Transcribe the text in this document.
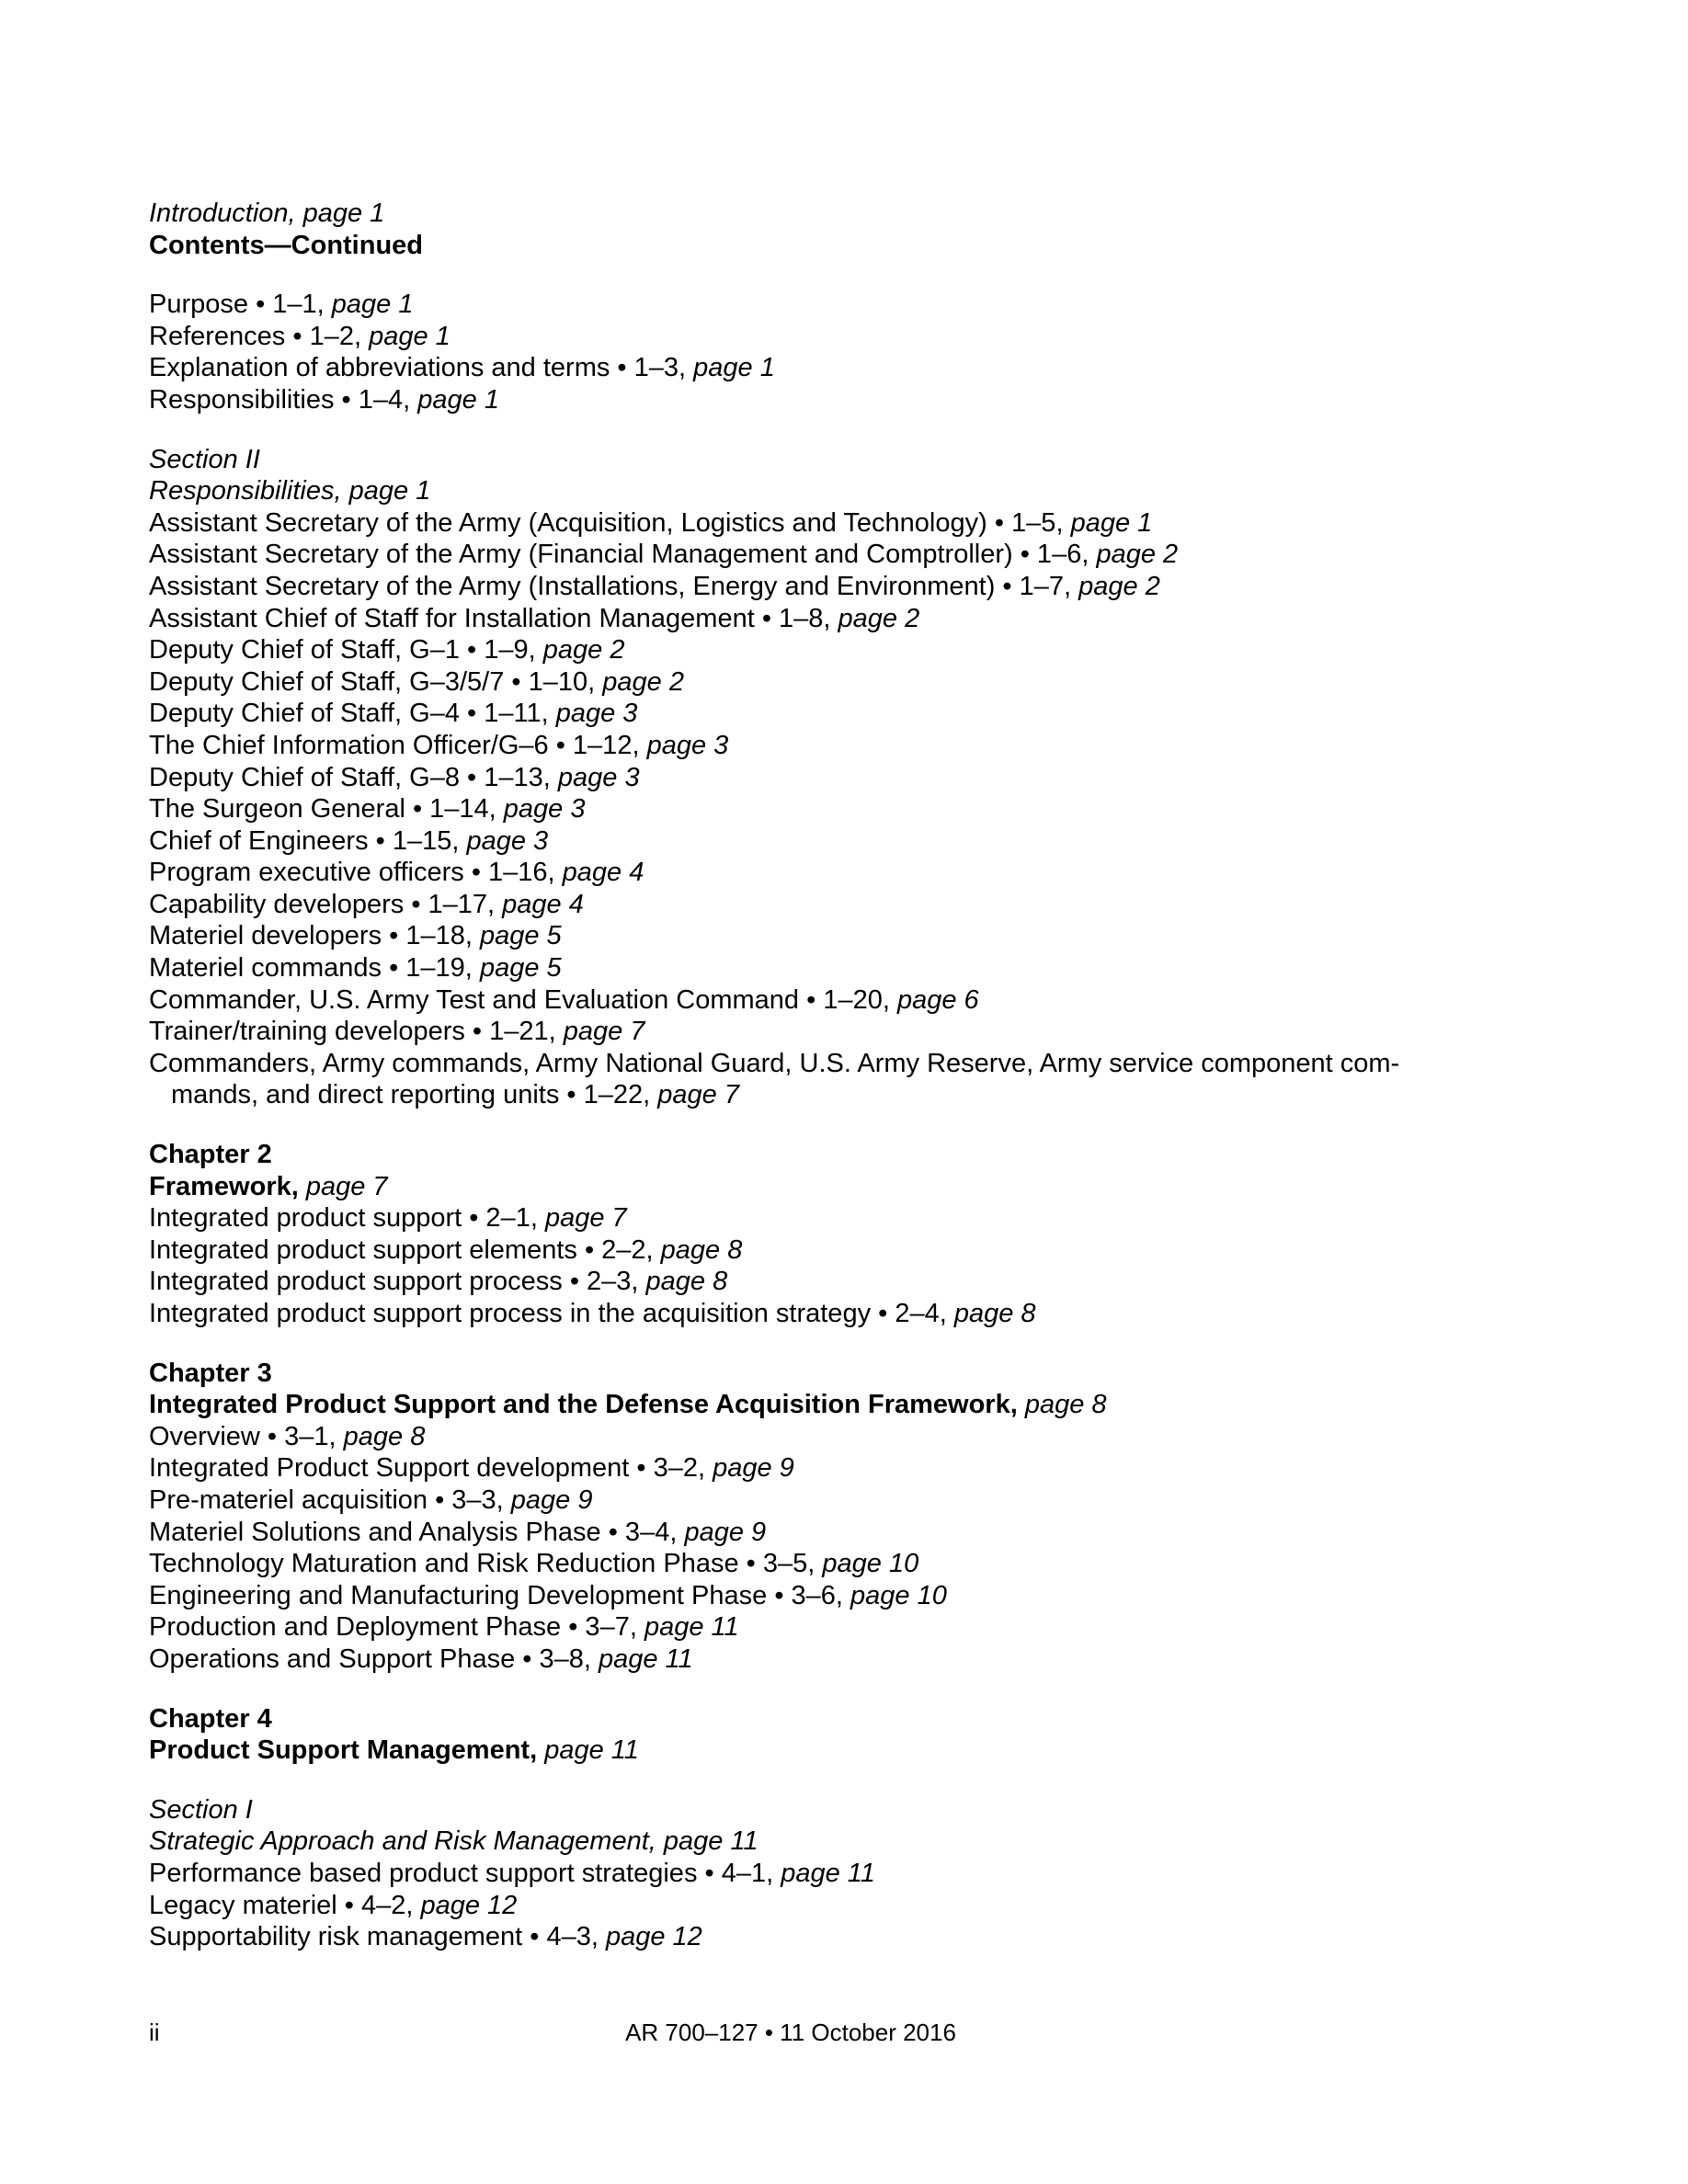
Introduction, page 1
Contents—Continued
Purpose • 1–1, page 1
References • 1–2, page 1
Explanation of abbreviations and terms • 1–3, page 1
Responsibilities • 1–4, page 1
Section II
Responsibilities, page 1
Assistant Secretary of the Army (Acquisition, Logistics and Technology) • 1–5, page 1
Assistant Secretary of the Army (Financial Management and Comptroller) • 1–6, page 2
Assistant Secretary of the Army (Installations, Energy and Environment) • 1–7, page 2
Assistant Chief of Staff for Installation Management • 1–8, page 2
Deputy Chief of Staff, G–1 • 1–9, page 2
Deputy Chief of Staff, G–3/5/7 • 1–10, page 2
Deputy Chief of Staff, G–4 • 1–11, page 3
The Chief Information Officer/G–6 • 1–12, page 3
Deputy Chief of Staff, G–8 • 1–13, page 3
The Surgeon General • 1–14, page 3
Chief of Engineers • 1–15, page 3
Program executive officers • 1–16, page 4
Capability developers • 1–17, page 4
Materiel developers • 1–18, page 5
Materiel commands • 1–19, page 5
Commander, U.S. Army Test and Evaluation Command • 1–20, page 6
Trainer/training developers • 1–21, page 7
Commanders, Army commands, Army National Guard, U.S. Army Reserve, Army service component com-mands, and direct reporting units • 1–22, page 7
Chapter 2
Framework, page 7
Integrated product support • 2–1, page 7
Integrated product support elements • 2–2, page 8
Integrated product support process • 2–3, page 8
Integrated product support process in the acquisition strategy • 2–4, page 8
Chapter 3
Integrated Product Support and the Defense Acquisition Framework, page 8
Overview • 3–1, page 8
Integrated Product Support development • 3–2, page 9
Pre-materiel acquisition • 3–3, page 9
Materiel Solutions and Analysis Phase • 3–4, page 9
Technology Maturation and Risk Reduction Phase • 3–5, page 10
Engineering and Manufacturing Development Phase • 3–6, page 10
Production and Deployment Phase • 3–7, page 11
Operations and Support Phase • 3–8, page 11
Chapter 4
Product Support Management, page 11
Section I
Strategic Approach and Risk Management, page 11
Performance based product support strategies • 4–1, page 11
Legacy materiel • 4–2, page 12
Supportability risk management • 4–3, page 12
ii	AR 700–127 • 11 October 2016
